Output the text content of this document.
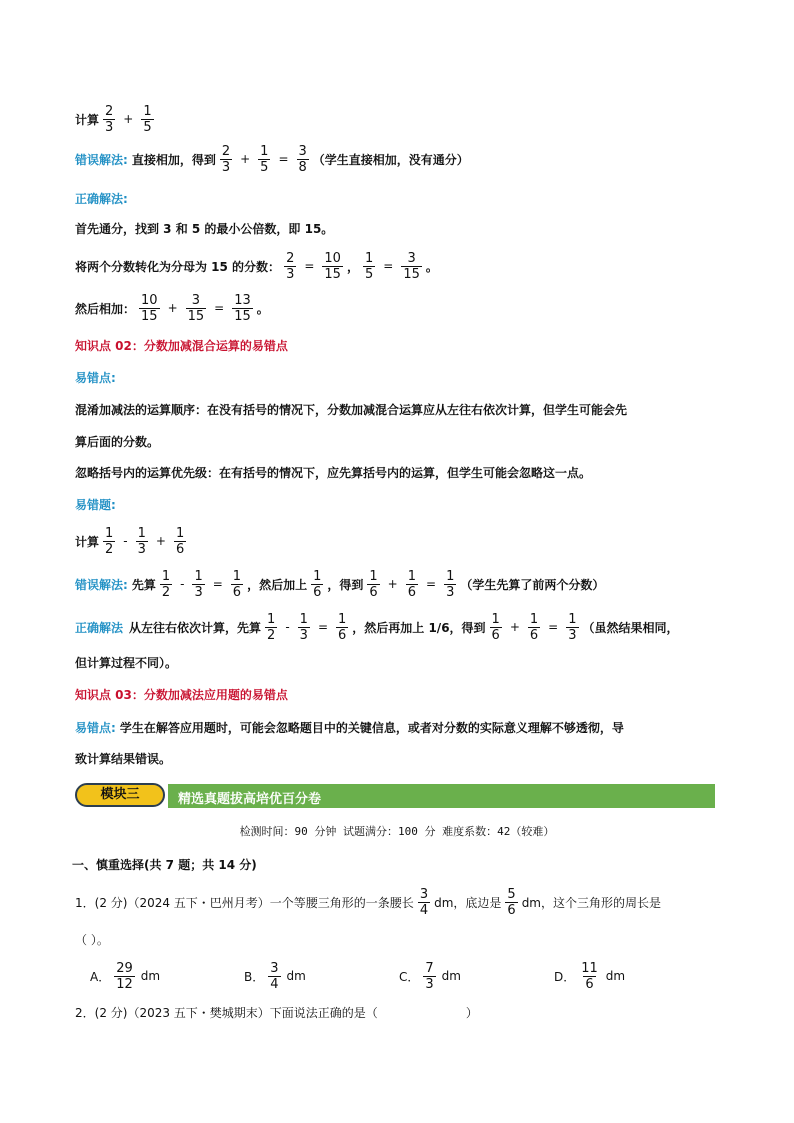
计算 $\frac{2}{3} + \frac{1}{5}$
错误解法: 直接相加，得到 $\frac{2}{3} + \frac{1}{5} = \frac{3}{8}$ （学生直接相加，没有通分）
正确解法:
首先通分，找到 3 和 5 的最小公倍数，即 15。
将两个分数转化为分母为 15 的分数： $\frac{2}{3} = \frac{10}{15}$ ， $\frac{1}{5} = \frac{3}{15}$ 。
然后相加： $\frac{10}{15} + \frac{3}{15} = \frac{13}{15}$ 。
知识点 02：分数加减混合运算的易错点
易错点:
混淆加减法的运算顺序：在没有括号的情况下，分数加减混合运算应从左往右依次计算，但学生可能会先
算后面的分数。
忽略括号内的运算优先级：在有括号的情况下，应先算括号内的运算，但学生可能会忽略这一点。
易错题:
计算 $\frac{1}{2} - \frac{1}{3} + \frac{1}{6}$
错误解法: 先算 $\frac{1}{2} - \frac{1}{3} = \frac{1}{6}$ ，然后加上 $\frac{1}{6}$ ，得到 $\frac{1}{6} + \frac{1}{6} = \frac{1}{3}$ （学生先算了前两个分数）
正确解法 从左往右依次计算，先算 $\frac{1}{2} - \frac{1}{3} = \frac{1}{6}$ ，然后再加上 1/6，得到 $\frac{1}{6} + \frac{1}{6} = \frac{1}{3}$ （虽然结果相同，
但计算过程不同）。
知识点 03：分数加减法应用题的易错点
易错点: 学生在解答应用题时，可能会忽略题目中的关键信息，或者对分数的实际意义理解不够透彻，导
致计算结果错误。
精选真题拔高培优百分卷
模块三
检测时间：90 分钟 试题满分：100 分 难度系数：42（较难）
一、慎重选择(共 7 题；共 14 分)
1．(2 分)（2024 五下・巴州月考）一个等腰三角形的一条腰长 $\frac{3}{4}$ dm，底边是 $\frac{5}{6}$ dm，这个三角形的周长是
（ ）。
A． $\frac{29}{12}$ dm	B． $\frac{3}{4}$ dm	C． $\frac{7}{3}$ dm	D． $\frac{11}{6}$ dm
2．(2 分)（2023 五下・樊城期末）下面说法正确的是（	）
